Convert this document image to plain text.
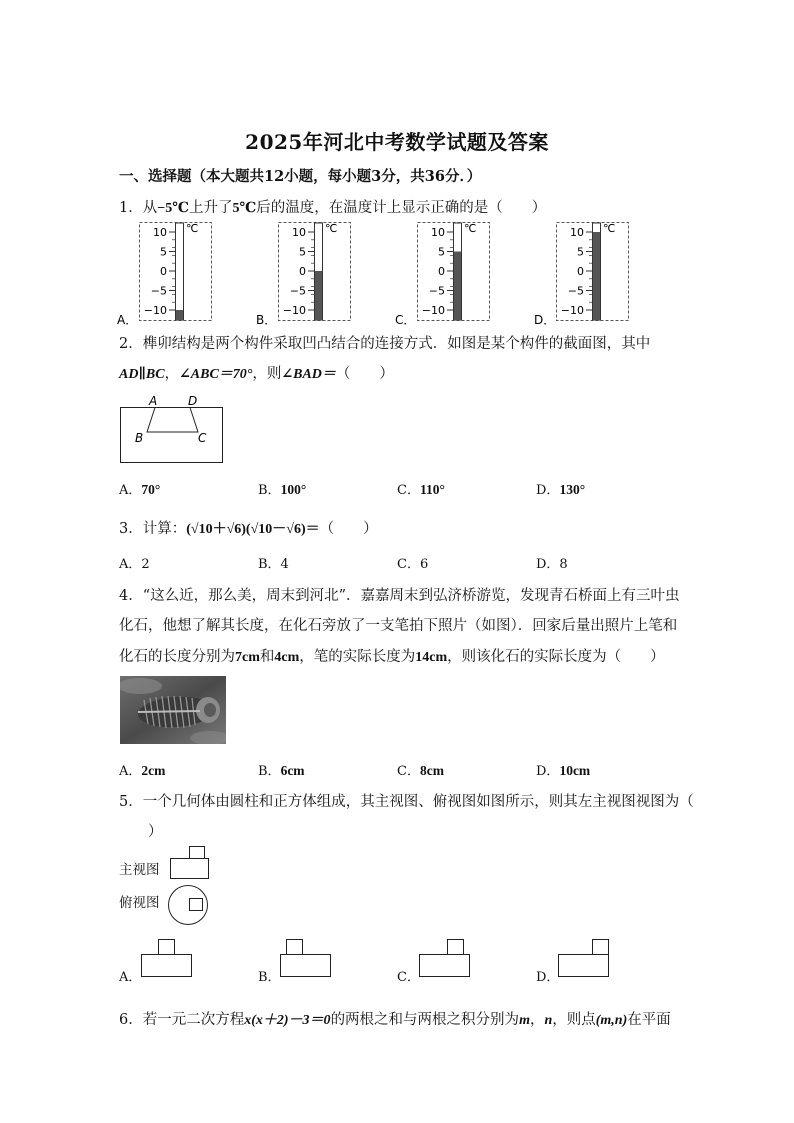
2025年河北中考数学试题及答案
一、选择题（本大题共12小题，每小题3分，共36分．）
1．从−5℃上升了5℃后的温度，在温度计上显示正确的是（　　）
A．
10
5
0
−5
−10
℃
B．
10
5
0
−5
−10
℃
C．
10
5
0
−5
−10
℃
D．
10
5
0
−5
−10
℃
2．榫卯结构是两个构件采取凹凸结合的连接方式．如图是某个构件的截面图，其中
AD∥BC，∠ABC＝70°，则∠BAD＝（　　）
A	D
B	C
A．70°	B．100°	C．110°	D．130°
3．计算：(√10＋√6)(√10－√6)＝（　　）
A．2	B．4	C．6	D．8
4．“这么近，那么美，周末到河北”．嘉嘉周末到弘济桥游览，发现青石桥面上有三叶虫
化石，他想了解其长度，在化石旁放了一支笔拍下照片（如图）．回家后量出照片上笔和
化石的长度分别为7cm和4cm，笔的实际长度为14cm，则该化石的实际长度为（　　）
A．2cm	B．6cm	C．8cm	D．10cm
5．一个几何体由圆柱和正方体组成，其主视图、俯视图如图所示，则其左主视图视图为（
　　）
主视图
俯视图
A．	B．	C．	D．
6．若一元二次方程x(x＋2)－3＝0的两根之和与两根之积分别为m，n，则点(m,n)在平面
